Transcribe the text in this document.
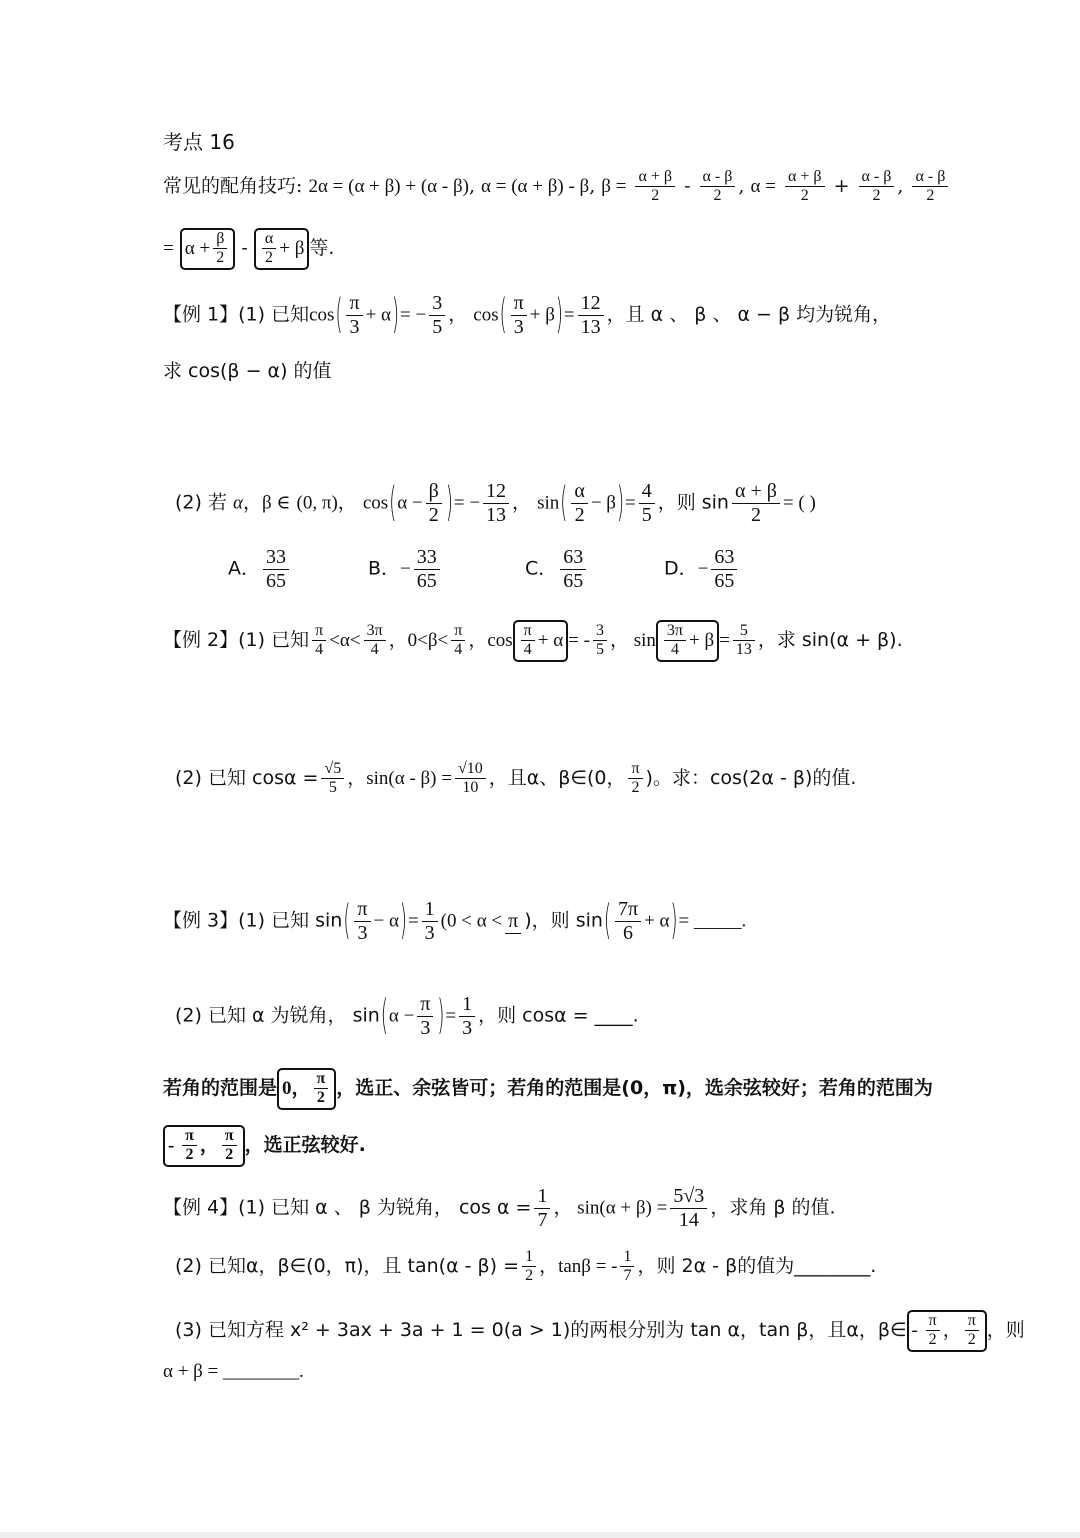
考点 16
常见的配角技巧: 2α = (α + β) + (α - β), α = (α + β) - β, $\beta = \frac{\alpha + \beta}{2} - \frac{\alpha - \beta}{2}$ , $\alpha = \frac{\alpha + \beta}{2} + \frac{\alpha - \beta}{2}$ , $\frac{\alpha - \beta}{2}$
= $\alpha + \frac{\beta}{2} - \frac{\alpha}{2} + \beta$ 等.
【例 1】(1) 已知$\cos( \frac{\pi}{3} + \alpha)= - \frac{3}{5}$ ， $\cos( \frac{\pi}{3} + \beta)= \frac{12}{13}$ ，且 α 、 β 、 α − β 均为锐角，
求 cos(β − α) 的值
(2) 若 α，β ∈ (0, π)， $\cos(\alpha - \frac{\beta}{2}$ )= − $\frac{12}{13}$ ， $\sin( \frac{\alpha}{2} - \beta)= \frac{4}{5}$ ，则 $\sin \frac{\alpha + \beta}{2}$ = ( )
A． $\frac{33}{65}$	B．− $\frac{33}{65}$	C． $\frac{63}{65}$	D．− $\frac{63}{65}$
【例 2】(1) 已知 $\frac{\pi}{4} <\alpha< \frac{3\pi}{4}$ ，$0<\beta< \frac{\pi}{4}$ ，$\cos \frac{\pi}{4} + \alpha$ = - $\frac{3}{5}$ ， $\sin \frac{3\pi}{4} + \beta = \frac{5}{13}$ ，求 sin(α + β).
(2) 已知 $\cos\alpha = \frac{√5}{5}$ ，$\sin(\alpha - \beta) = \frac{√10}{10}$ ，且α、β∈(0， $\frac{\pi}{2}$ )。求：cos(2α - β)的值.
【例 3】(1) 已知 $\sin( \frac{\pi}{3} - \alpha)= \frac{1}{3} (0 < \alpha < \pi$ )，则 $\sin( \frac{7\pi}{6} + \alpha)=$ _____.
(2) 已知 α 为锐角， $\sin(\alpha - \frac{\pi}{3}$ )= $\frac{1}{3}$ ，则 cosα = ____.
若角的范围是 0， $\frac{\pi}{2}$ ，选正、余弦皆可；若角的范围是(0，π)，选余弦较好；若角的范围为
- $\frac{\pi}{2}$ ， $\frac{\pi}{2}$ ，选正弦较好.
【例 4】(1) 已知 α 、 β 为锐角， $\cos \alpha = \frac{1}{7}$ ， $\sin(\alpha + \beta) = \frac{5√3}{14}$ ，求角 β 的值.
(2) 已知α，β∈(0，π)，且 $\tan(\alpha - \beta) = \frac{1}{2}$ ，tanβ = - $\frac{1}{7}$ ，则 2α - β的值为________.
(3) 已知方程 x² + 3ax + 3a + 1 = 0(a > 1)的两根分别为 tan α，tan β，且α，β∈ - $\frac{\pi}{2}$ ， $\frac{\pi}{2}$ ，则
α + β = ________.
